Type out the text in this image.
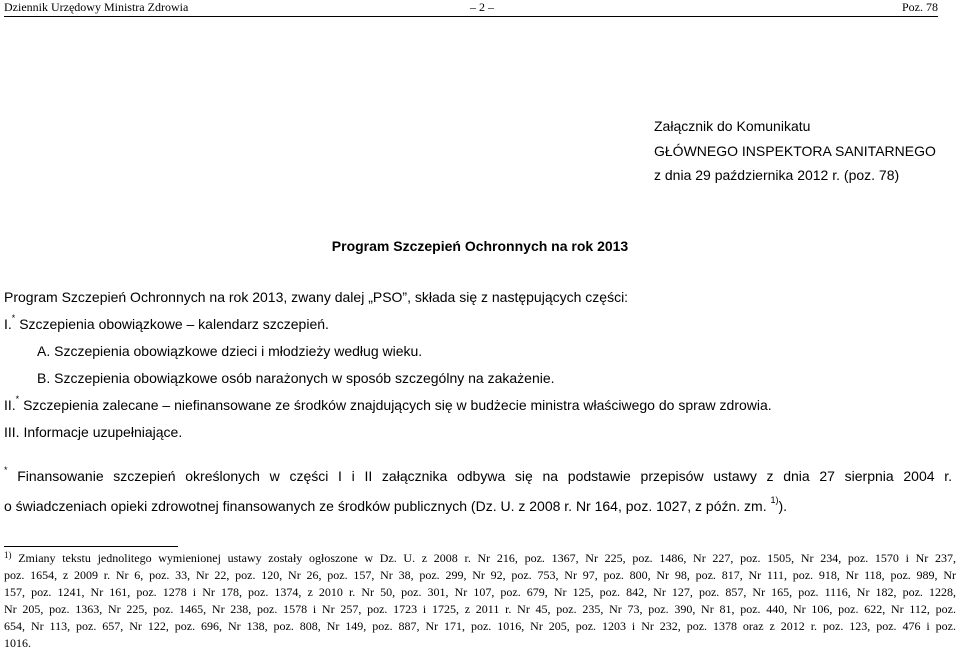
Dziennik Urzędowy Ministra Zdrowia	– 2 –	Poz. 78
Załącznik do Komunikatu
GŁÓWNEGO INSPEKTORA SANITARNEGO
z dnia 29 października 2012 r. (poz. 78)
Program Szczepień Ochronnych na rok 2013
Program Szczepień Ochronnych na rok 2013, zwany dalej „PSO”, składa się z następujących części:
I.* Szczepienia obowiązkowe – kalendarz szczepień.
A. Szczepienia obowiązkowe dzieci i młodzieży według wieku.
B. Szczepienia obowiązkowe osób narażonych w sposób szczególny na zakażenie.
II.* Szczepienia zalecane – niefinansowane ze środków znajdujących się w budżecie ministra właściwego do spraw zdrowia.
III. Informacje uzupełniające.
* Finansowanie szczepień określonych w części I i II załącznika odbywa się na podstawie przepisów ustawy z dnia 27 sierpnia 2004 r.
o świadczeniach opieki zdrowotnej finansowanych ze środków publicznych (Dz. U. z 2008 r. Nr 164, poz. 1027, z późn. zm. $^{1)}$).
$^{1)}$ Zmiany tekstu jednolitego wymienionej ustawy zostały ogłoszone w Dz. U. z 2008 r. Nr 216, poz. 1367, Nr 225, poz. 1486, Nr 227, poz. 1505, Nr 234, poz. 1570 i Nr 237,
poz. 1654, z 2009 r. Nr 6, poz. 33, Nr 22, poz. 120, Nr 26, poz. 157, Nr 38, poz. 299, Nr 92, poz. 753, Nr 97, poz. 800, Nr 98, poz. 817, Nr 111, poz. 918, Nr 118, poz. 989, Nr
157, poz. 1241, Nr 161, poz. 1278 i Nr 178, poz. 1374, z 2010 r. Nr 50, poz. 301, Nr 107, poz. 679, Nr 125, poz. 842, Nr 127, poz. 857, Nr 165, poz. 1116, Nr 182, poz. 1228,
Nr 205, poz. 1363, Nr 225, poz. 1465, Nr 238, poz. 1578 i Nr 257, poz. 1723 i 1725, z 2011 r. Nr 45, poz. 235, Nr 73, poz. 390, Nr 81, poz. 440, Nr 106, poz. 622, Nr 112, poz.
654, Nr 113, poz. 657, Nr 122, poz. 696, Nr 138, poz. 808, Nr 149, poz. 887, Nr 171, poz. 1016, Nr 205, poz. 1203 i Nr 232, poz. 1378 oraz z 2012 r. poz. 123, poz. 476 i poz.
1016.
